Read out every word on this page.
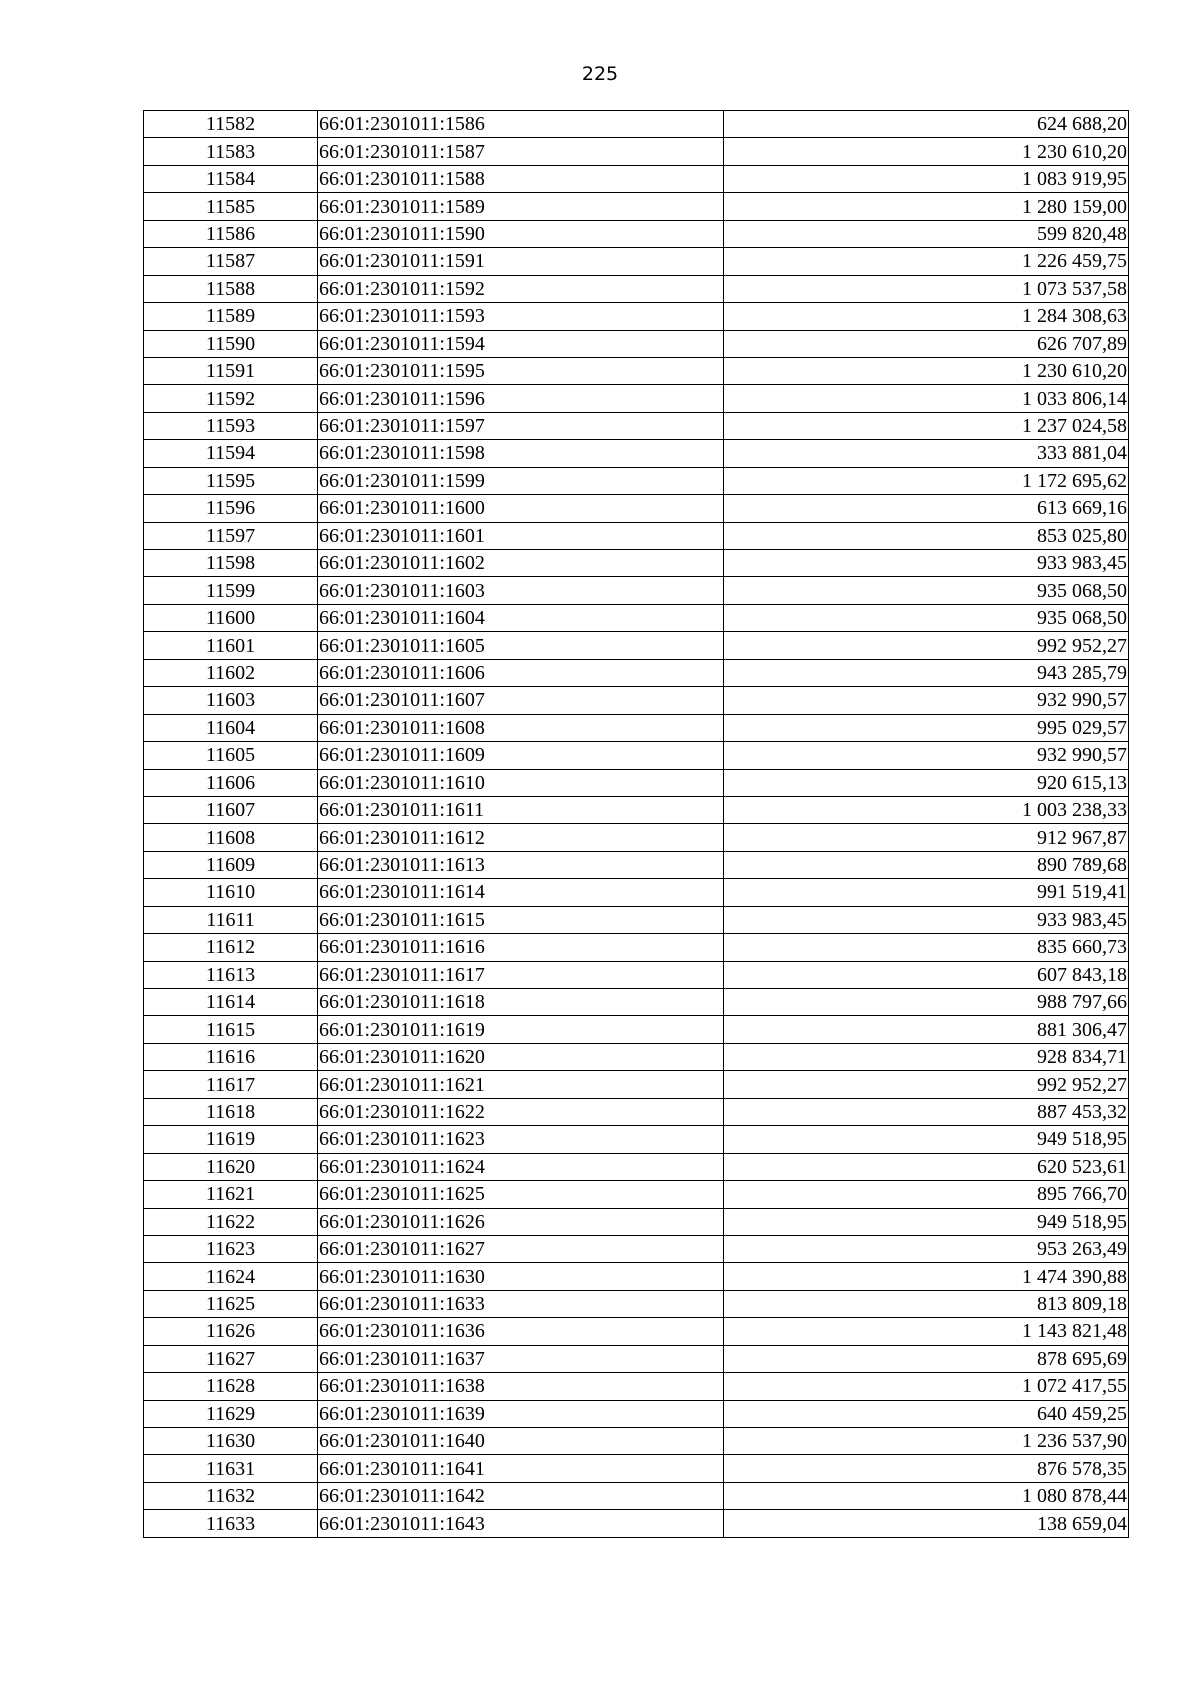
225
11582	66:01:2301011:1586	624 688,20
11583	66:01:2301011:1587	1 230 610,20
11584	66:01:2301011:1588	1 083 919,95
11585	66:01:2301011:1589	1 280 159,00
11586	66:01:2301011:1590	599 820,48
11587	66:01:2301011:1591	1 226 459,75
11588	66:01:2301011:1592	1 073 537,58
11589	66:01:2301011:1593	1 284 308,63
11590	66:01:2301011:1594	626 707,89
11591	66:01:2301011:1595	1 230 610,20
11592	66:01:2301011:1596	1 033 806,14
11593	66:01:2301011:1597	1 237 024,58
11594	66:01:2301011:1598	333 881,04
11595	66:01:2301011:1599	1 172 695,62
11596	66:01:2301011:1600	613 669,16
11597	66:01:2301011:1601	853 025,80
11598	66:01:2301011:1602	933 983,45
11599	66:01:2301011:1603	935 068,50
11600	66:01:2301011:1604	935 068,50
11601	66:01:2301011:1605	992 952,27
11602	66:01:2301011:1606	943 285,79
11603	66:01:2301011:1607	932 990,57
11604	66:01:2301011:1608	995 029,57
11605	66:01:2301011:1609	932 990,57
11606	66:01:2301011:1610	920 615,13
11607	66:01:2301011:1611	1 003 238,33
11608	66:01:2301011:1612	912 967,87
11609	66:01:2301011:1613	890 789,68
11610	66:01:2301011:1614	991 519,41
11611	66:01:2301011:1615	933 983,45
11612	66:01:2301011:1616	835 660,73
11613	66:01:2301011:1617	607 843,18
11614	66:01:2301011:1618	988 797,66
11615	66:01:2301011:1619	881 306,47
11616	66:01:2301011:1620	928 834,71
11617	66:01:2301011:1621	992 952,27
11618	66:01:2301011:1622	887 453,32
11619	66:01:2301011:1623	949 518,95
11620	66:01:2301011:1624	620 523,61
11621	66:01:2301011:1625	895 766,70
11622	66:01:2301011:1626	949 518,95
11623	66:01:2301011:1627	953 263,49
11624	66:01:2301011:1630	1 474 390,88
11625	66:01:2301011:1633	813 809,18
11626	66:01:2301011:1636	1 143 821,48
11627	66:01:2301011:1637	878 695,69
11628	66:01:2301011:1638	1 072 417,55
11629	66:01:2301011:1639	640 459,25
11630	66:01:2301011:1640	1 236 537,90
11631	66:01:2301011:1641	876 578,35
11632	66:01:2301011:1642	1 080 878,44
11633	66:01:2301011:1643	138 659,04
